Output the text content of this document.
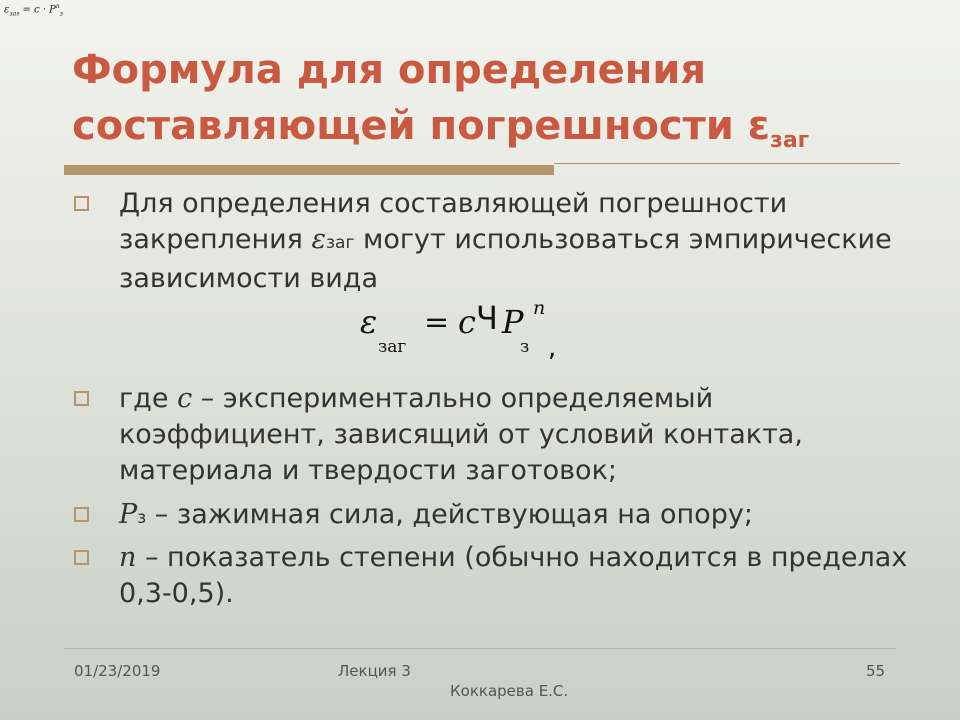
$\varepsilon_{заг} = c \cdot P^n_з$
Формула для определения
составляющей погрешности $\varepsilon_{заг}$
Для определения составляющей погрешности закрепления εзаг могут использоваться эмпирические зависимости вида
ε
заг
= c Ч P n
з ,
где c – экспериментально определяемый коэффициент, зависящий от условий контакта, материала и твердости заготовок;
Pз – зажимная сила, действующая на опору;
n – показатель степени (обычно находится в пределах 0,3-0,5).
01/23/2019	Лекция 3
Коккарева Е.С.
55
